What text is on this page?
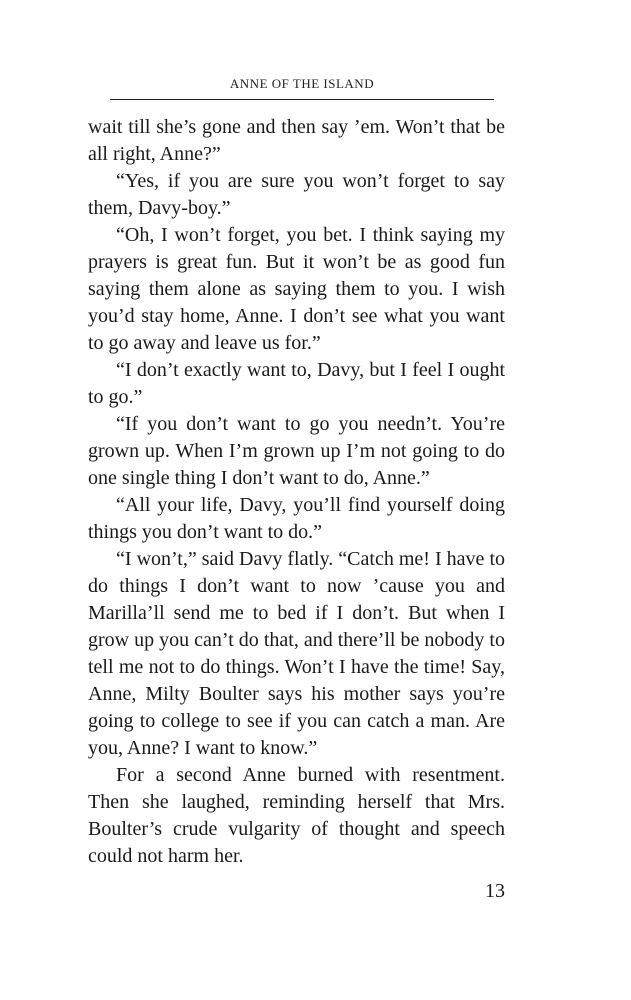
ANNE OF THE ISLAND

wait till she’s gone and then say ’em. Won’t that be all right, Anne?”

“Yes, if you are sure you won’t forget to say them, Davy-boy.”

“Oh, I won’t forget, you bet. I think saying my prayers is great fun. But it won’t be as good fun saying them alone as saying them to you. I wish you’d stay home, Anne. I don’t see what you want to go away and leave us for.”

“I don’t exactly want to, Davy, but I feel I ought to go.”

“If you don’t want to go you needn’t. You’re grown up. When I’m grown up I’m not going to do one single thing I don’t want to do, Anne.”

“All your life, Davy, you’ll find yourself doing things you don’t want to do.”

“I won’t,” said Davy flatly. “Catch me! I have to do things I don’t want to now ’cause you and Marilla’ll send me to bed if I don’t. But when I grow up you can’t do that, and there’ll be nobody to tell me not to do things. Won’t I have the time! Say, Anne, Milty Boulter says his mother says you’re going to college to see if you can catch a man. Are you, Anne? I want to know.”

For a second Anne burned with resentment. Then she laughed, reminding herself that Mrs. Boulter’s crude vulgarity of thought and speech could not harm her.

13
